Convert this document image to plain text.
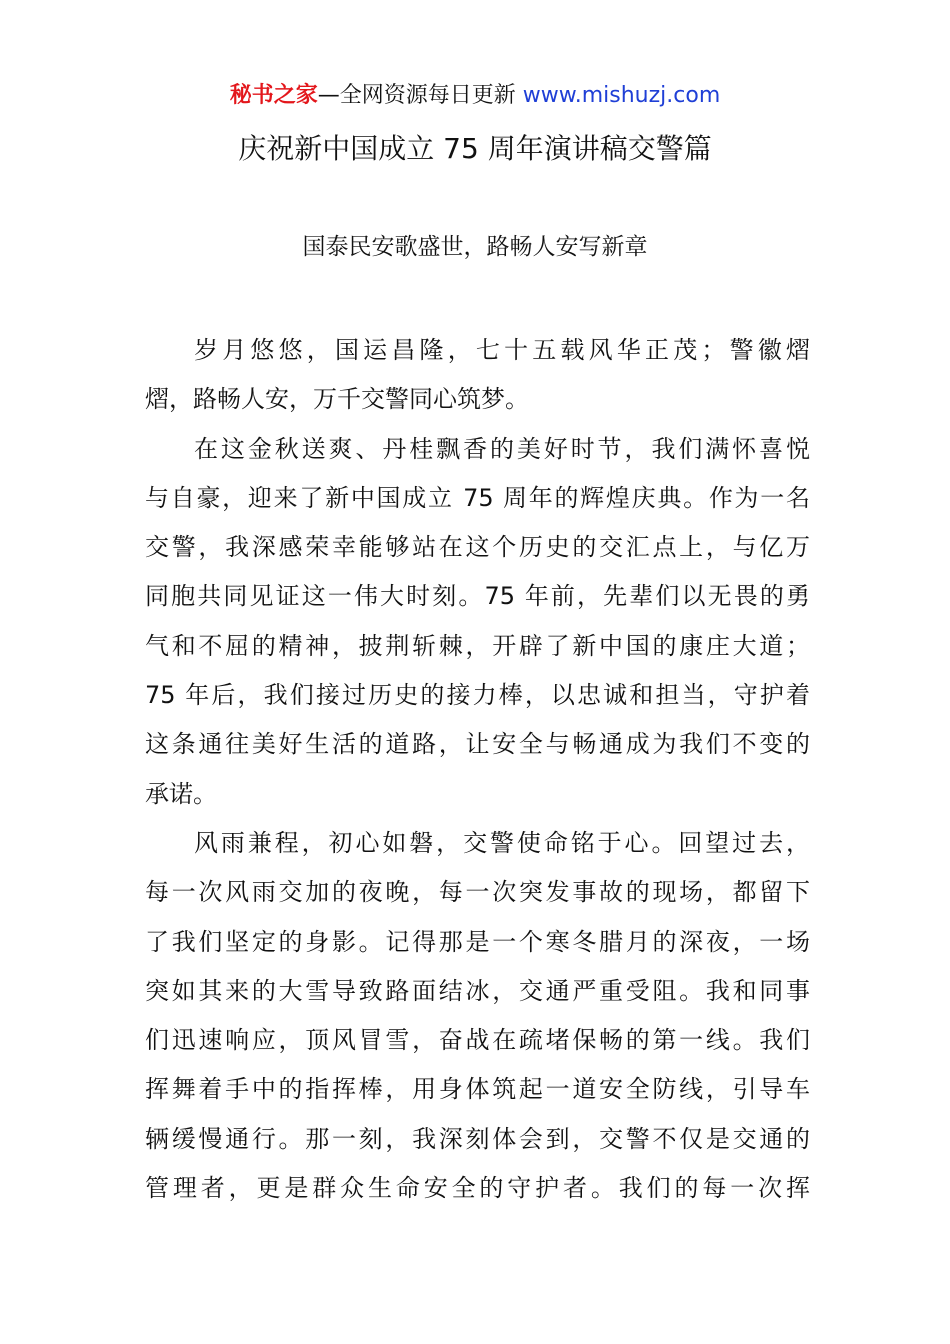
秘书之家—全网资源每日更新 www.mishuzj.com
庆祝新中国成立 75 周年演讲稿交警篇
国泰民安歌盛世，路畅人安写新章
岁月悠悠，国运昌隆，七十五载风华正茂；警徽熠
熠，路畅人安，万千交警同心筑梦。
在这金秋送爽、丹桂飘香的美好时节，我们满怀喜悦
与自豪，迎来了新中国成立 75 周年的辉煌庆典。作为一名
交警，我深感荣幸能够站在这个历史的交汇点上，与亿万
同胞共同见证这一伟大时刻。75 年前，先辈们以无畏的勇
气和不屈的精神，披荆斩棘，开辟了新中国的康庄大道；
75 年后，我们接过历史的接力棒，以忠诚和担当，守护着
这条通往美好生活的道路，让安全与畅通成为我们不变的
承诺。
风雨兼程，初心如磐，交警使命铭于心。回望过去，
每一次风雨交加的夜晚，每一次突发事故的现场，都留下
了我们坚定的身影。记得那是一个寒冬腊月的深夜，一场
突如其来的大雪导致路面结冰，交通严重受阻。我和同事
们迅速响应，顶风冒雪，奋战在疏堵保畅的第一线。我们
挥舞着手中的指挥棒，用身体筑起一道安全防线，引导车
辆缓慢通行。那一刻，我深刻体会到，交警不仅是交通的
管理者，更是群众生命安全的守护者。我们的每一次挥
